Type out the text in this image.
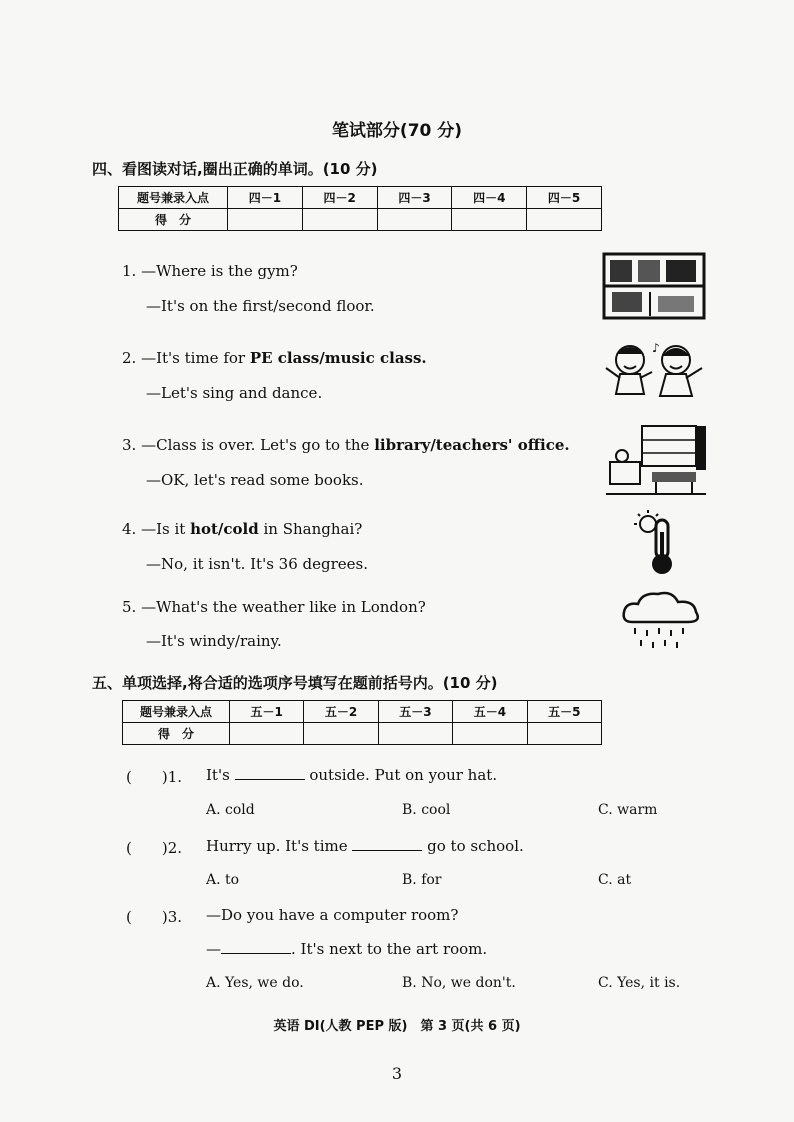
笔试部分(70 分)
四、看图读对话,圈出正确的单词。(10 分)
题号兼录入点	四－1	四－2	四－3	四－4	四－5
得　分					
1. —Where is the gym?
—It's on the first/second floor.
2. —It's time for PE class/music class.
—Let's sing and dance.
♪
3. —Class is over. Let's go to the library/teachers' office.
—OK, let's read some books.
4. —Is it hot/cold in Shanghai?
—No, it isn't. It's 36 degrees.
5. —What's the weather like in London?
—It's windy/rainy.
五、单项选择,将合适的选项序号填写在题前括号内。(10 分)
题号兼录入点	五－1	五－2	五－3	五－4	五－5
得　分					
(　　)1. It's	outside. Put on your hat.
A. cold	B. cool	C. warm
(　　)2. Hurry up. It's time	go to school.
A. to	B. for	C. at
(　　)3. —Do you have a computer room?
—	. It's next to the art room.
A. Yes, we do.	B. No, we don't.	C. Yes, it is.
英语 DI(人教 PEP 版)　第 3 页(共 6 页)
3
